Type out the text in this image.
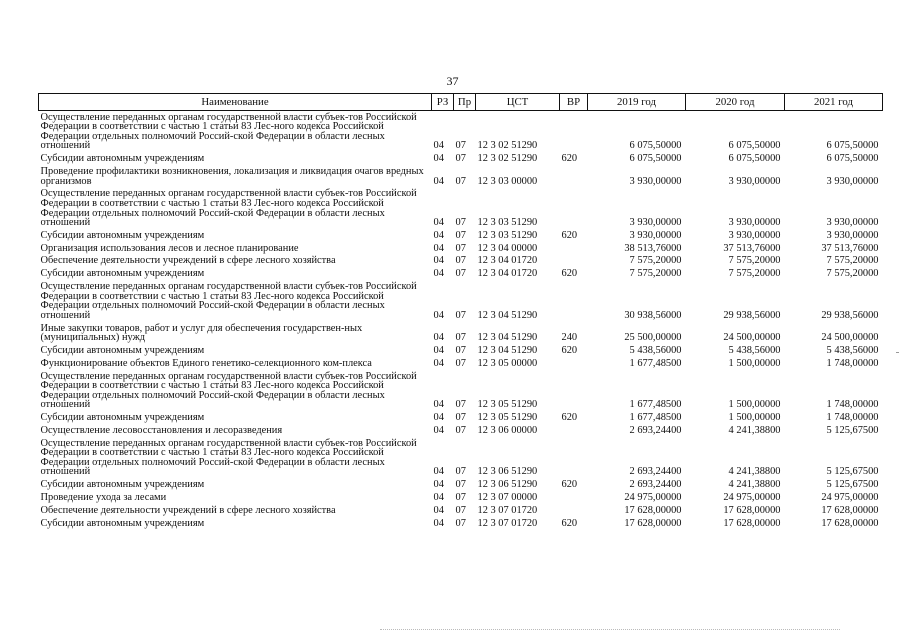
37
Наименование	РЗ	Пр	ЦСТ	ВР	2019 год	2020 год	2021 год
Осуществление переданных органам государственной власти субъек-тов Российской Федерации в соответствии с частью 1 статьи 83 Лес-ного кодекса Российской Федерации отдельных полномочий Россий-ской Федерации в области лесных отношений	04	07	12 3 02 51290		6 075,50000	6 075,50000	6 075,50000
Субсидии автономным учреждениям	04	07	12 3 02 51290	620	6 075,50000	6 075,50000	6 075,50000
Проведение профилактики возникновения, локализация и ликвидация очагов вредных организмов	04	07	12 3 03 00000		3 930,00000	3 930,00000	3 930,00000
Осуществление переданных органам государственной власти субъек-тов Российской Федерации в соответствии с частью 1 статьи 83 Лес-ного кодекса Российской Федерации отдельных полномочий Россий-ской Федерации в области лесных отношений	04	07	12 3 03 51290		3 930,00000	3 930,00000	3 930,00000
Субсидии автономным учреждениям	04	07	12 3 03 51290	620	3 930,00000	3 930,00000	3 930,00000
Организация использования лесов и лесное планирование	04	07	12 3 04 00000		38 513,76000	37 513,76000	37 513,76000
Обеспечение деятельности учреждений в сфере лесного хозяйства	04	07	12 3 04 01720		7 575,20000	7 575,20000	7 575,20000
Субсидии автономным учреждениям	04	07	12 3 04 01720	620	7 575,20000	7 575,20000	7 575,20000
Осуществление переданных органам государственной власти субъек-тов Российской Федерации в соответствии с частью 1 статьи 83 Лес-ного кодекса Российской Федерации отдельных полномочий Россий-ской Федерации в области лесных отношений	04	07	12 3 04 51290		30 938,56000	29 938,56000	29 938,56000
Иные закупки товаров, работ и услуг для обеспечения государствен-ных (муниципальных) нужд	04	07	12 3 04 51290	240	25 500,00000	24 500,00000	24 500,00000
Субсидии автономным учреждениям	04	07	12 3 04 51290	620	5 438,56000	5 438,56000	5 438,56000
Функционирование объектов Единого генетико-селекционного ком-плекса	04	07	12 3 05 00000		1 677,48500	1 500,00000	1 748,00000
Осуществление переданных органам государственной власти субъек-тов Российской Федерации в соответствии с частью 1 статьи 83 Лес-ного кодекса Российской Федерации отдельных полномочий Россий-ской Федерации в области лесных отношений	04	07	12 3 05 51290		1 677,48500	1 500,00000	1 748,00000
Субсидии автономным учреждениям	04	07	12 3 05 51290	620	1 677,48500	1 500,00000	1 748,00000
Осуществление лесовосстановления и лесоразведения	04	07	12 3 06 00000		2 693,24400	4 241,38800	5 125,67500
Осуществление переданных органам государственной власти субъек-тов Российской Федерации в соответствии с частью 1 статьи 83 Лес-ного кодекса Российской Федерации отдельных полномочий Россий-ской Федерации в области лесных отношений	04	07	12 3 06 51290		2 693,24400	4 241,38800	5 125,67500
Субсидии автономным учреждениям	04	07	12 3 06 51290	620	2 693,24400	4 241,38800	5 125,67500
Проведение ухода за лесами	04	07	12 3 07 00000		24 975,00000	24 975,00000	24 975,00000
Обеспечение деятельности учреждений в сфере лесного хозяйства	04	07	12 3 07 01720		17 628,00000	17 628,00000	17 628,00000
Субсидии автономным учреждениям	04	07	12 3 07 01720	620	17 628,00000	17 628,00000	17 628,00000
